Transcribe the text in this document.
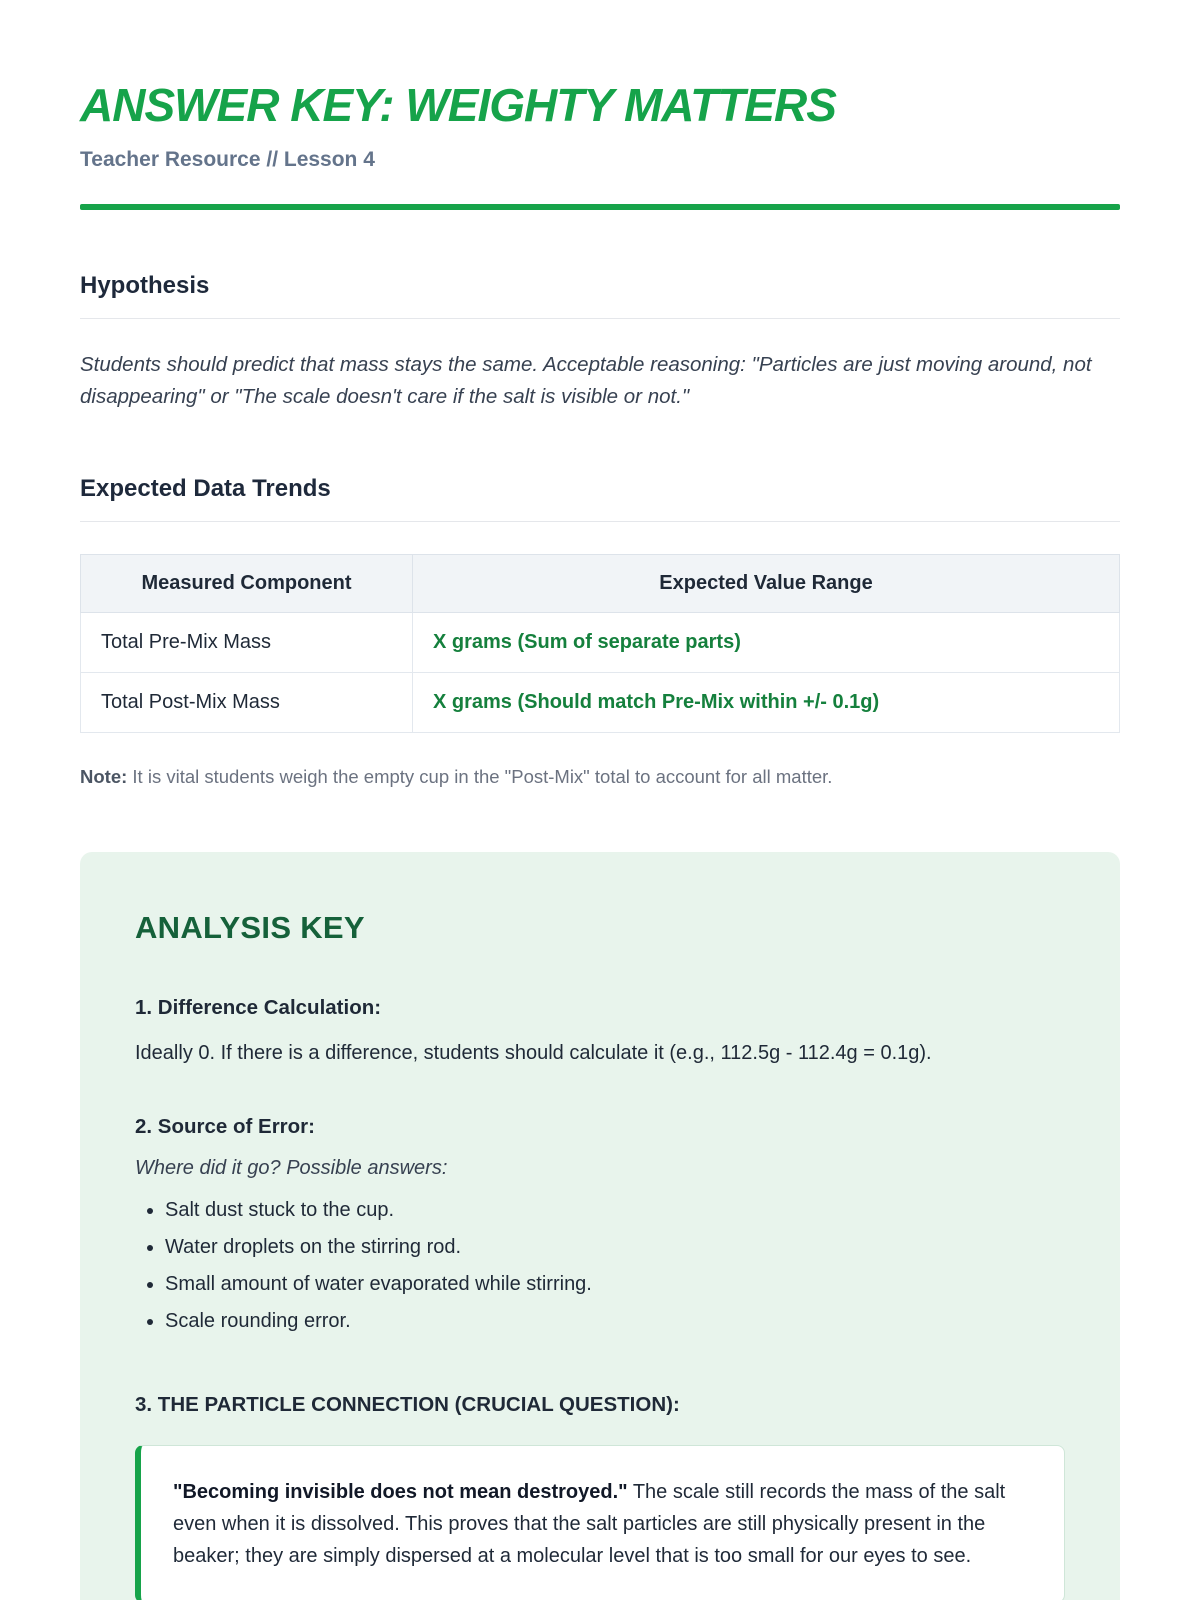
ANSWER KEY: WEIGHTY MATTERS
Teacher Resource // Lesson 4
Hypothesis

Students should predict that mass stays the same. Acceptable reasoning: "Particles are just moving around, not disappearing" or "The scale doesn't care if the salt is visible or not."

Expected Data Trends
Measured Component	Expected Value Range
Total Pre-Mix Mass	X grams (Sum of separate parts)
Total Post-Mix Mass	X grams (Should match Pre-Mix within +/- 0.1g)

Note: It is vital students weigh the empty cup in the "Post-Mix" total to account for all matter.

ANALYSIS KEY
1. Difference Calculation:

Ideally 0. If there is a difference, students should calculate it (e.g., 112.5g - 112.4g = 0.1g).

2. Source of Error:

Where did it go? Possible answers:

• Salt dust stuck to the cup.
• Water droplets on the stirring rod.
• Small amount of water evaporated while stirring.
• Scale rounding error.
3. THE PARTICLE CONNECTION (CRUCIAL QUESTION):

"Becoming invisible does not mean destroyed." The scale still records the mass of the salt even when it is dissolved. This proves that the salt particles are still physically present in the beaker; they are simply dispersed at a molecular level that is too small for our eyes to see.
